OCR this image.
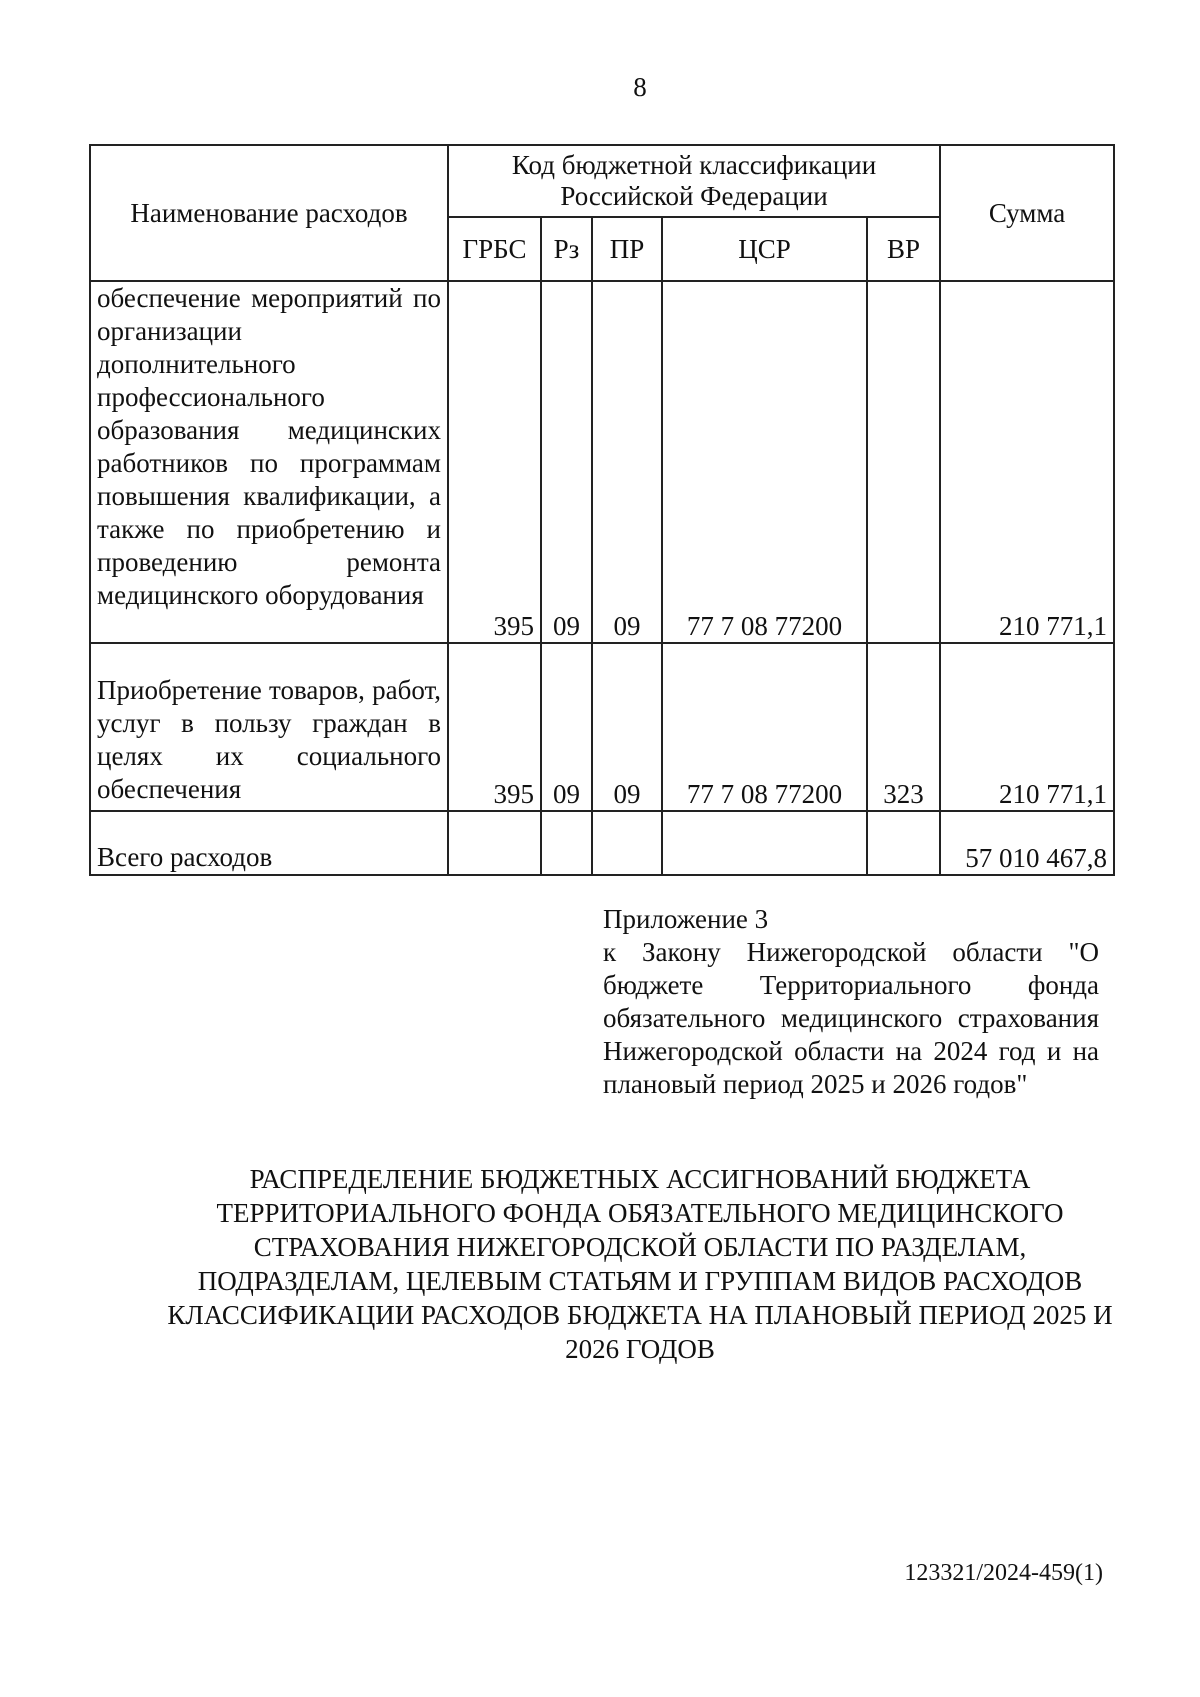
8
Наименование расходов	Код бюджетной классификации Российской Федерации					Сумма
	ГРБС	Рз	ПР	ЦСР	ВР	
обеспечение мероприятий по организации дополнительного профессионального образования медицинских работников по программам повышения квалификации, а также по приобретению и проведению ремонта медицинского оборудования	395	09	09	77 7 08 77200		210 771,1
Приобретение товаров, работ, услуг в пользу граждан в целях их социального обеспечения	395	09	09	77 7 08 77200	323	210 771,1
Всего расходов						57 010 467,8
Приложение 3
к Закону Нижегородской области "О бюджете Территориального фонда обязательного медицинского страхования Нижегородской области на 2024 год и на плановый период 2025 и 2026 годов"
РАСПРЕДЕЛЕНИЕ БЮДЖЕТНЫХ АССИГНОВАНИЙ БЮДЖЕТА ТЕРРИТОРИАЛЬНОГО ФОНДА ОБЯЗАТЕЛЬНОГО МЕДИЦИНСКОГО СТРАХОВАНИЯ НИЖЕГОРОДСКОЙ ОБЛАСТИ ПО РАЗДЕЛАМ, ПОДРАЗДЕЛАМ, ЦЕЛЕВЫМ СТАТЬЯМ И ГРУППАМ ВИДОВ РАСХОДОВ КЛАССИФИКАЦИИ РАСХОДОВ БЮДЖЕТА НА ПЛАНОВЫЙ ПЕРИОД 2025 И 2026 ГОДОВ
123321/2024-459(1)
